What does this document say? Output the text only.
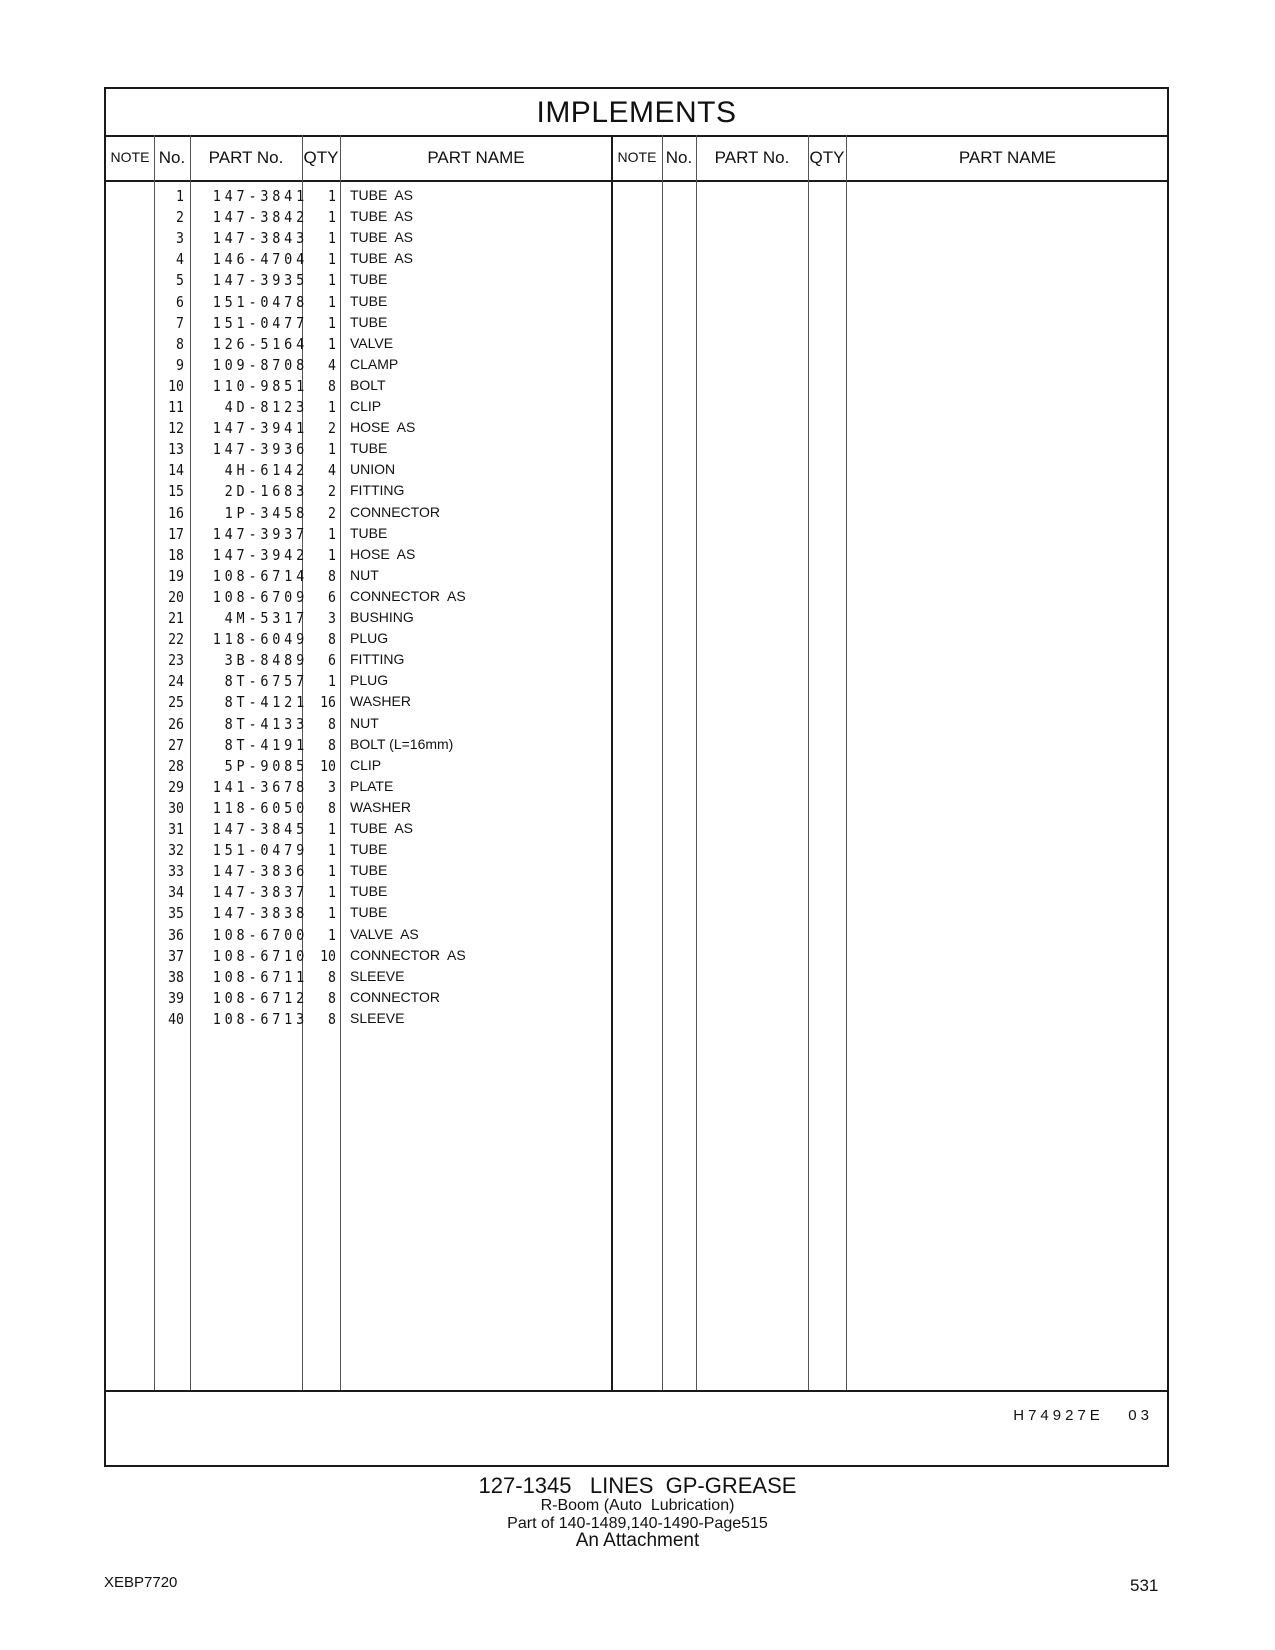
IMPLEMENTS
NOTE No.	PART No.	QTY	PART NAME	NOTE No.	PART No.	QTY	PART NAME
1	147-3841	1 TUBE  AS
2	147-3842	1 TUBE  AS
3	147-3843	1 TUBE  AS
4	146-4704	1 TUBE  AS
5	147-3935	1 TUBE
6	151-0478	1 TUBE
7	151-0477	1 TUBE
8	126-5164	1 VALVE
9	109-8708	4 CLAMP
10	110-9851	8 BOLT
11	4D-8123	1 CLIP
12	147-3941	2 HOSE  AS
13	147-3936	1 TUBE
14	4H-6142	4 UNION
15	2D-1683	2 FITTING
16	1P-3458	2 CONNECTOR
17	147-3937	1 TUBE
18	147-3942	1 HOSE  AS
19	108-6714	8 NUT
20	108-6709	6 CONNECTOR  AS
21	4M-5317	3 BUSHING
22	118-6049	8 PLUG
23	3B-8489	6 FITTING
24	8T-6757	1 PLUG
25	8T-4121 16 WASHER
26	8T-4133	8 NUT
27	8T-4191	8 BOLT (L=16mm)
28	5P-9085 10 CLIP
29	141-3678	3 PLATE
30	118-6050	8 WASHER
31	147-3845	1 TUBE  AS
32	151-0479	1 TUBE
33	147-3836	1 TUBE
34	147-3837	1 TUBE
35	147-3838	1 TUBE
36	108-6700	1 VALVE  AS
37	108-6710 10 CONNECTOR  AS
38	108-6711	8 SLEEVE
39	108-6712	8 CONNECTOR
40	108-6713	8 SLEEVE
H74927E   03
127-1345   LINES  GP-GREASE
R-Boom (Auto  Lubrication)
Part of 140-1489,140-1490-Page515
An Attachment
XEBP7720	531
